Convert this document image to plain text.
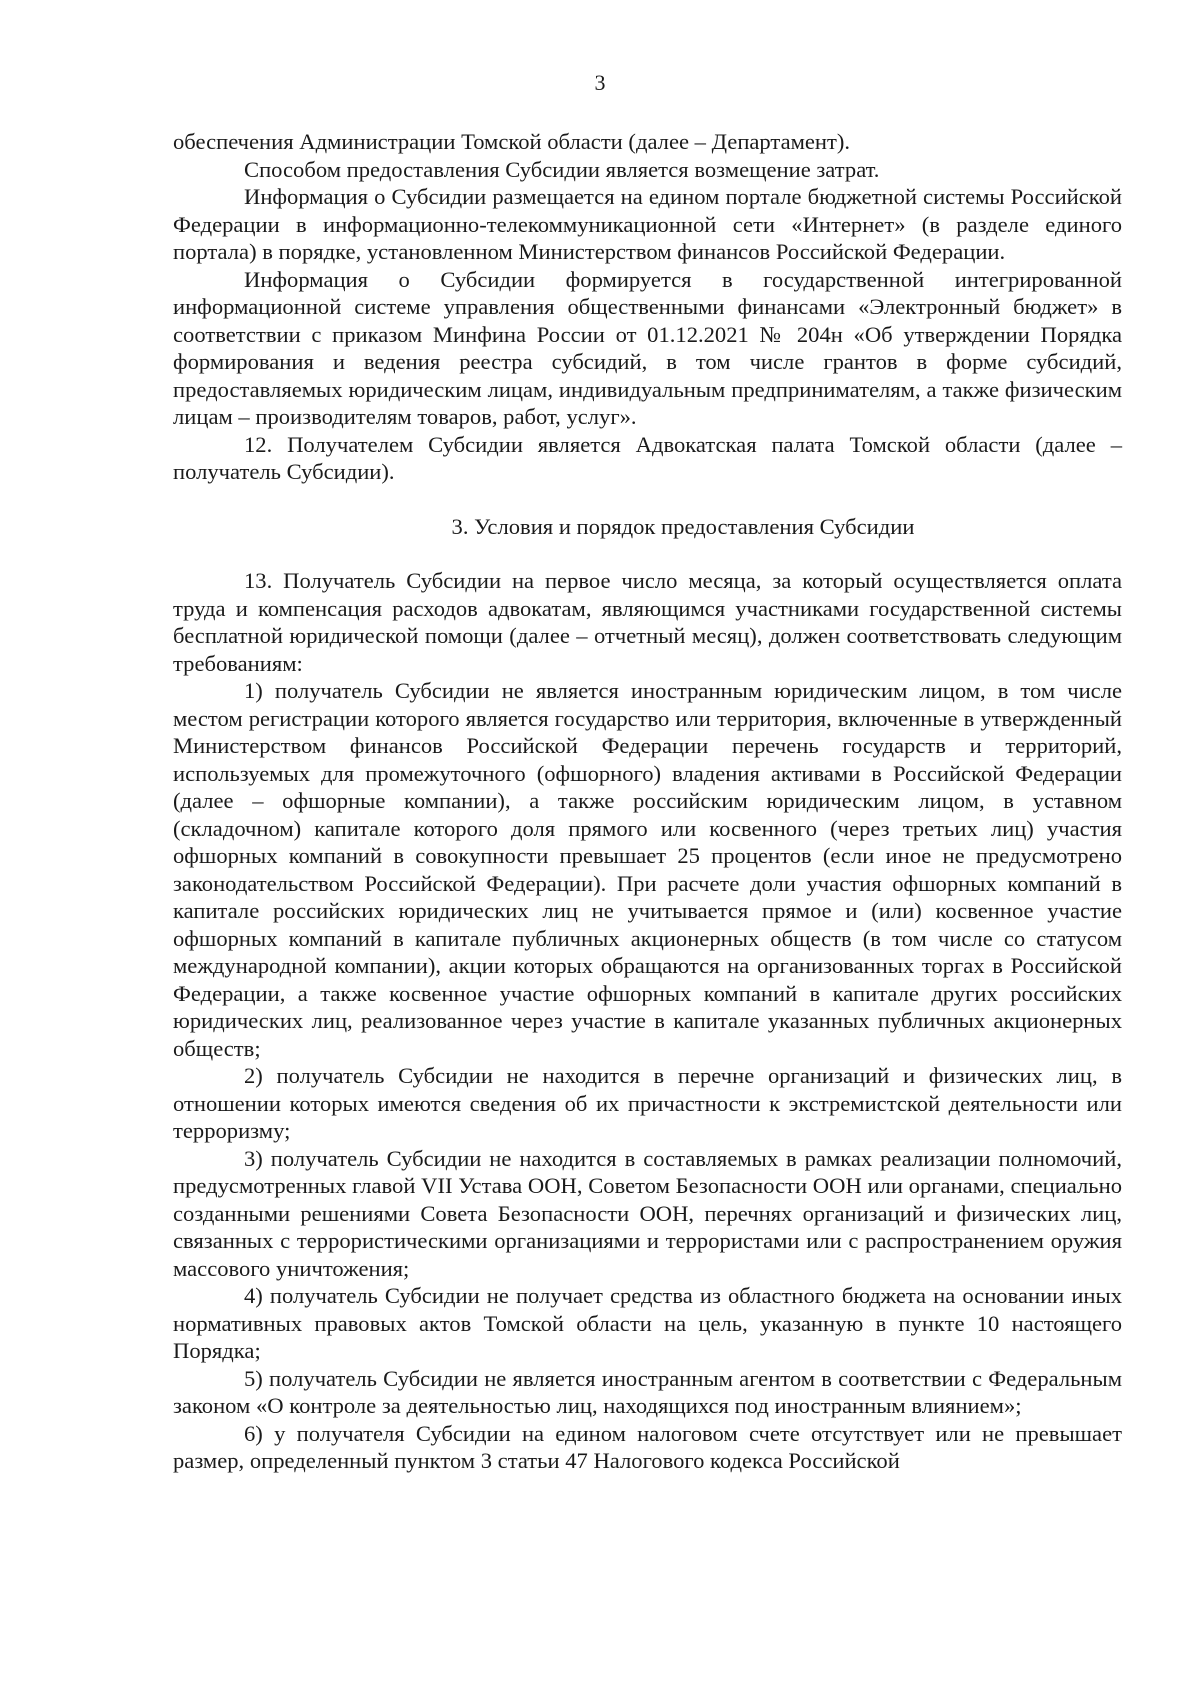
3

обеспечения Администрации Томской области (далее – Департамент).

Способом предоставления Субсидии является возмещение затрат.

Информация о Субсидии размещается на едином портале бюджетной системы Российской Федерации в информационно-телекоммуникационной сети «Интернет» (в разделе единого портала) в порядке, установленном Министерством финансов Российской Федерации.

Информация о Субсидии формируется в государственной интегрированной информационной системе управления общественными финансами «Электронный бюджет» в соответствии с приказом Минфина России от 01.12.2021 № 204н «Об утверждении Порядка формирования и ведения реестра субсидий, в том числе грантов в форме субсидий, предоставляемых юридическим лицам, индивидуальным предпринимателям, а также физическим лицам – производителям товаров, работ, услуг».

12. Получателем Субсидии является Адвокатская палата Томской области (далее – получатель Субсидии).

3. Условия и порядок предоставления Субсидии

13. Получатель Субсидии на первое число месяца, за который осуществляется оплата труда и компенсация расходов адвокатам, являющимся участниками государственной системы бесплатной юридической помощи (далее – отчетный месяц), должен соответствовать следующим требованиям:

1) получатель Субсидии не является иностранным юридическим лицом, в том числе местом регистрации которого является государство или территория, включенные в утвержденный Министерством финансов Российской Федерации перечень государств и территорий, используемых для промежуточного (офшорного) владения активами в Российской Федерации (далее – офшорные компании), а также российским юридическим лицом, в уставном (складочном) капитале которого доля прямого или косвенного (через третьих лиц) участия офшорных компаний в совокупности превышает 25 процентов (если иное не предусмотрено законодательством Российской Федерации). При расчете доли участия офшорных компаний в капитале российских юридических лиц не учитывается прямое и (или) косвенное участие офшорных компаний в капитале публичных акционерных обществ (в том числе со статусом международной компании), акции которых обращаются на организованных торгах в Российской Федерации, а также косвенное участие офшорных компаний в капитале других российских юридических лиц, реализованное через участие в капитале указанных публичных акционерных обществ;

2) получатель Субсидии не находится в перечне организаций и физических лиц, в отношении которых имеются сведения об их причастности к экстремистской деятельности или терроризму;

3) получатель Субсидии не находится в составляемых в рамках реализации полномочий, предусмотренных главой VII Устава ООН, Советом Безопасности ООН или органами, специально созданными решениями Совета Безопасности ООН, перечнях организаций и физических лиц, связанных с террористическими организациями и террористами или с распространением оружия массового уничтожения;

4) получатель Субсидии не получает средства из областного бюджета на основании иных нормативных правовых актов Томской области на цель, указанную в пункте 10 настоящего Порядка;

5) получатель Субсидии не является иностранным агентом в соответствии с Федеральным законом «О контроле за деятельностью лиц, находящихся под иностранным влиянием»;

6) у получателя Субсидии на едином налоговом счете отсутствует или не превышает размер, определенный пунктом 3 статьи 47 Налогового кодекса Российской
